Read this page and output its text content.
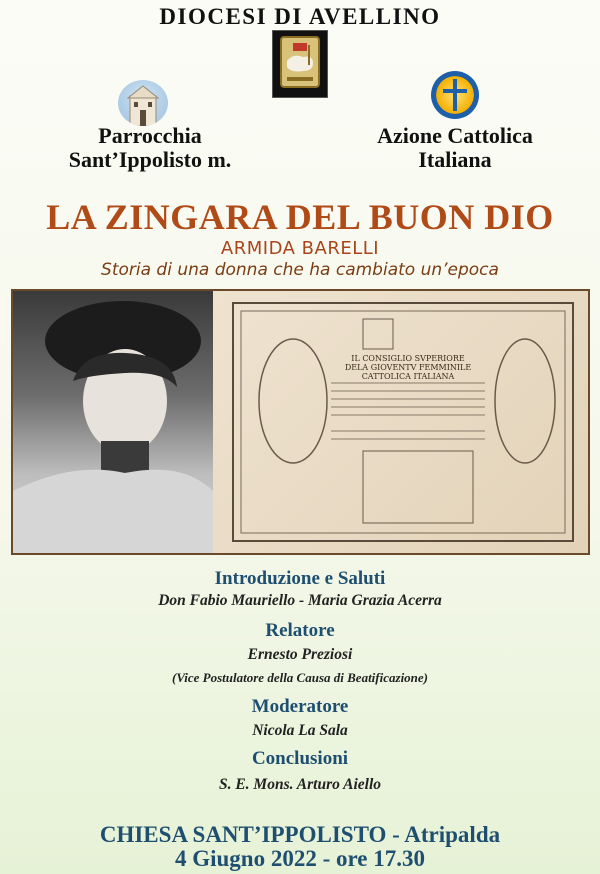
DIOCESI DI AVELLINO
Parrocchia
Sant’Ippolisto m.
Azione Cattolica
Italiana
LA ZINGARA DEL BUON DIO
ARMIDA BARELLI
Storia di una donna che ha cambiato un’epoca
IL CONSIGLIO SVPERIORE
DELA GIOVENTV FEMMINILE
CATTOLICA ITALIANA
Introduzione e Saluti
Don Fabio Mauriello - Maria Grazia Acerra
Relatore
Ernesto Preziosi
(Vice Postulatore della Causa di Beatificazione)
Moderatore
Nicola La Sala
Conclusioni
S. E. Mons. Arturo Aiello
CHIESA SANT’IPPOLISTO - Atripalda
4 Giugno 2022 - ore 17.30
